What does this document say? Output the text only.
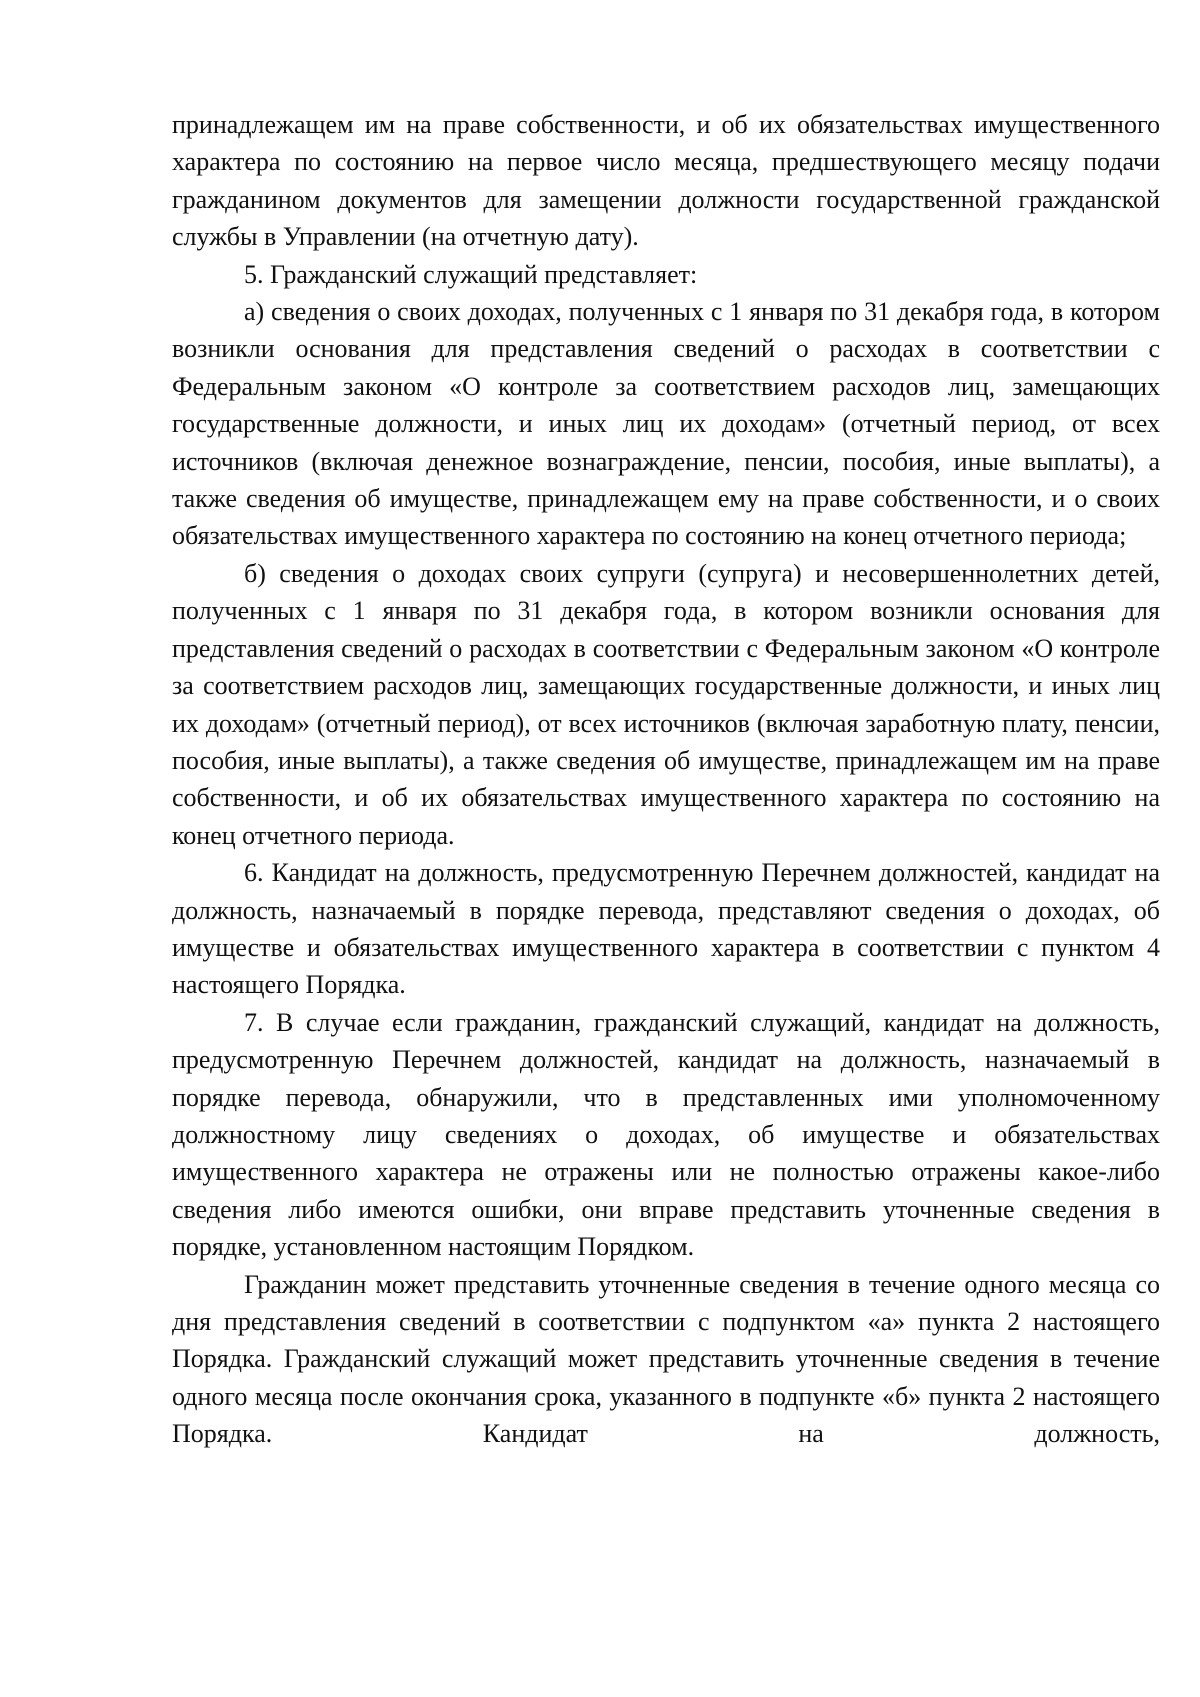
принадлежащем им на праве собственности, и об их обязательствах имущественного характера по состоянию на первое число месяца, предшествующего месяцу подачи гражданином документов для замещении должности государственной гражданской службы в Управлении (на отчетную дату).

5. Гражданский служащий представляет:

а) сведения о своих доходах, полученных с 1 января по 31 декабря года, в котором возникли основания для представления сведений о расходах в соответствии с Федеральным законом «О контроле за соответствием расходов лиц, замещающих государственные должности, и иных лиц их доходам» (отчетный период, от всех источников (включая денежное вознаграждение, пенсии, пособия, иные выплаты), а также сведения об имуществе, принадлежащем ему на праве собственности, и о своих обязательствах имущественного характера по состоянию на конец отчетного периода;

б) сведения о доходах своих супруги (супруга) и несовершеннолетних детей, полученных с 1 января по 31 декабря года, в котором возникли основания для представления сведений о расходах в соответствии с Федеральным законом «О контроле за соответствием расходов лиц, замещающих государственные должности, и иных лиц их доходам» (отчетный период), от всех источников (включая заработную плату, пенсии, пособия, иные выплаты), а также сведения об имуществе, принадлежащем им на праве собственности, и об их обязательствах имущественного характера по состоянию на конец отчетного периода.

6. Кандидат на должность, предусмотренную Перечнем должностей, кандидат на должность, назначаемый в порядке перевода, представляют сведения о доходах, об имуществе и обязательствах имущественного характера в соответствии с пунктом 4 настоящего Порядка.

7. В случае если гражданин, гражданский служащий, кандидат на должность, предусмотренную Перечнем должностей, кандидат на должность, назначаемый в порядке перевода, обнаружили, что в представленных ими уполномоченному должностному лицу сведениях о доходах, об имуществе и обязательствах имущественного характера не отражены или не полностью отражены какое-либо сведения либо имеются ошибки, они вправе представить уточненные сведения в порядке, установленном настоящим Порядком.

Гражданин может представить уточненные сведения в течение одного месяца со дня представления сведений в соответствии с подпунктом «а» пункта 2 настоящего Порядка. Гражданский служащий может представить уточненные сведения в течение одного месяца после окончания срока, указанного в подпункте «б» пункта 2 настоящего Порядка. Кандидат на должность,
